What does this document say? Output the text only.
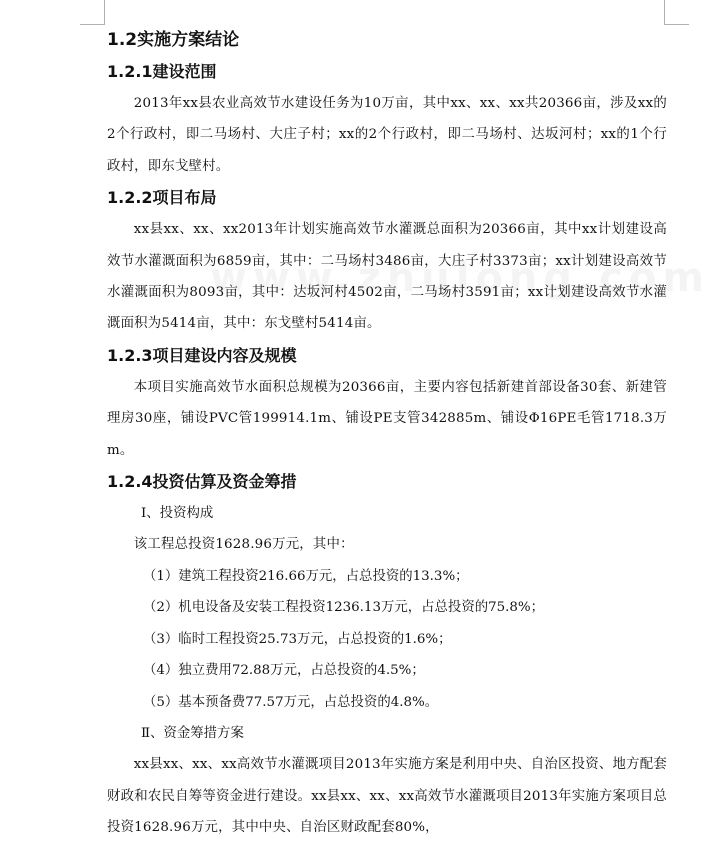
1.2实施方案结论
1.2.1建设范围

2013年xx县农业高效节水建设任务为10万亩，其中xx、xx、xx共20366亩，涉及xx的2个行政村，即二马场村、大庄子村；xx的2个行政村，即二马场村、达坂河村；xx的1个行政村，即东戈壁村。

1.2.2项目布局

xx县xx、xx、xx2013年计划实施高效节水灌溉总面积为20366亩，其中xx计划建设高效节水灌溉面积为6859亩，其中：二马场村3486亩，大庄子村3373亩；xx计划建设高效节水灌溉面积为8093亩，其中：达坂河村4502亩，二马场村3591亩；xx计划建设高效节水灌溉面积为5414亩，其中：东戈壁村5414亩。

1.2.3项目建设内容及规模

本项目实施高效节水面积总规模为20366亩，主要内容包括新建首部设备30套、新建管理房30座，铺设PVC管199914.1m、铺设PE支管342885m、铺设Φ16PE毛管1718.3万m。

1.2.4投资估算及资金筹措
Ⅰ、投资构成

该工程总投资1628.96万元，其中：

（1）建筑工程投资216.66万元，占总投资的13.3%；
（2）机电设备及安装工程投资1236.13万元，占总投资的75.8%；
（3）临时工程投资25.73万元，占总投资的1.6%；
（4）独立费用72.88万元，占总投资的4.5%；
（5）基本预备费77.57万元，占总投资的4.8%。
Ⅱ、资金筹措方案

xx县xx、xx、xx高效节水灌溉项目2013年实施方案是利用中央、自治区投资、地方配套财政和农民自筹等资金进行建设。xx县xx、xx、xx高效节水灌溉项目2013年实施方案项目总投资1628.96万元，其中中央、自治区财政配套80%，
